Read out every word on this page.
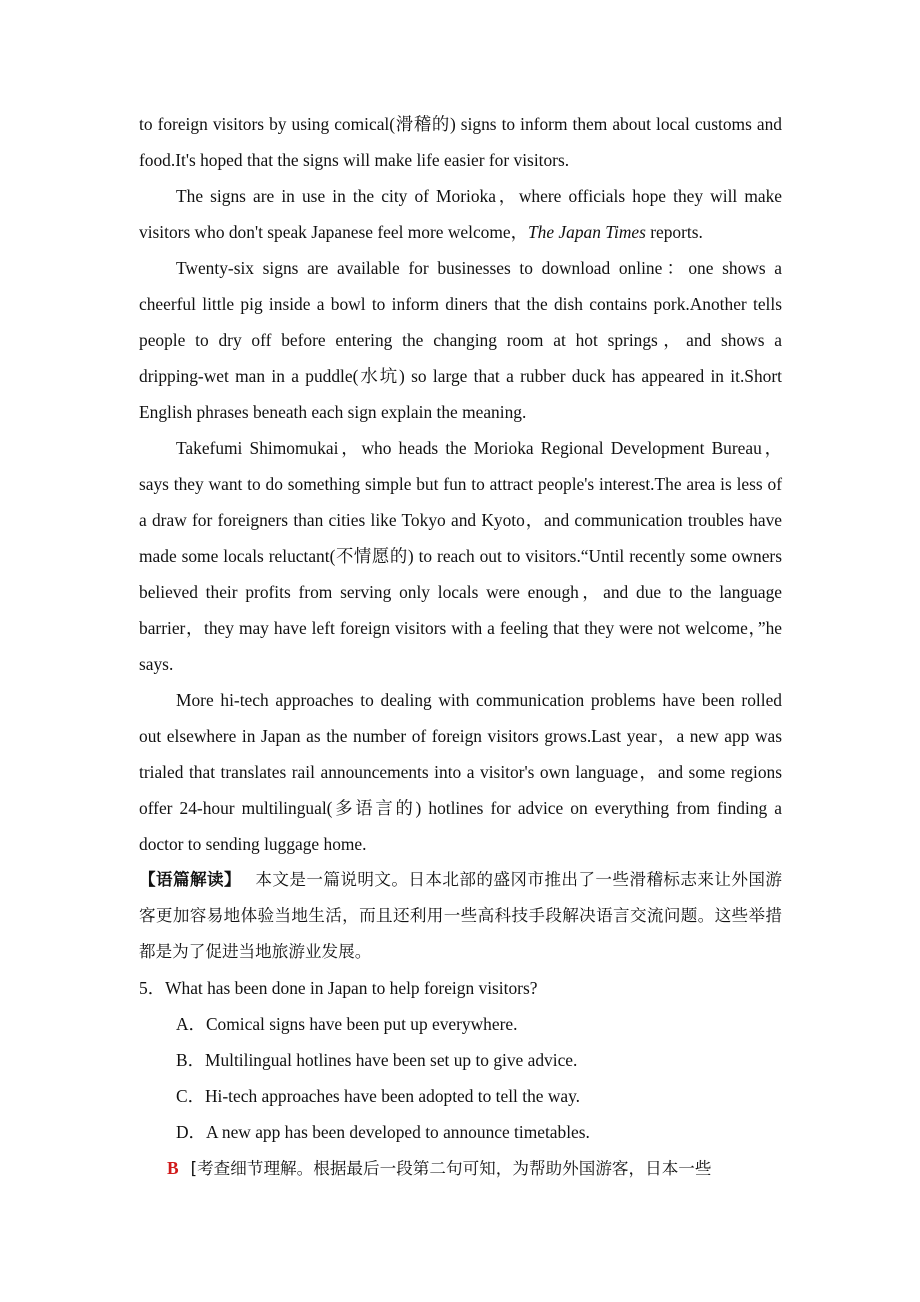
to foreign visitors by using comical(滑稽的) signs to inform them about local customs and food.It's hoped that the signs will make life easier for visitors.

The signs are in use in the city of Morioka，where officials hope they will make visitors who don't speak Japanese feel more welcome，The Japan Times reports.

Twenty‑six signs are available for businesses to download online：one shows a cheerful little pig inside a bowl to inform diners that the dish contains pork.Another tells people to dry off before entering the changing room at hot springs，and shows a dripping‑wet man in a puddle(水坑) so large that a rubber duck has appeared in it.Short English phrases beneath each sign explain the meaning.

Takefumi Shimomukai，who heads the Morioka Regional Development Bureau，says they want to do something simple but fun to attract people's interest.The area is less of a draw for foreigners than cities like Tokyo and Kyoto，and communication troubles have made some locals reluctant(不情愿的) to reach out to visitors.“Until recently some owners believed their profits from serving only locals were enough，and due to the language barrier，they may have left foreign visitors with a feeling that they were not welcome，”he says.

More hi‑tech approaches to dealing with communication problems have been rolled out elsewhere in Japan as the number of foreign visitors grows.Last year，a new app was trialed that translates rail announcements into a visitor's own language，and some regions offer 24‑hour multilingual(多语言的) hotlines for advice on everything from finding a doctor to sending luggage home.

【语篇解读】 本文是一篇说明文。日本北部的盛冈市推出了一些滑稽标志来让外国游客更加容易地体验当地生活，而且还利用一些高科技手段解决语言交流问题。这些举措都是为了促进当地旅游业发展。

5．What has been done in Japan to help foreign visitors?

A．Comical signs have been put up everywhere.

B．Multilingual hotlines have been set up to give advice.

C．Hi‑tech approaches have been adopted to tell the way.

D．A new app has been developed to announce timetables.

B [考查细节理解。根据最后一段第二句可知，为帮助外国游客，日本一些
